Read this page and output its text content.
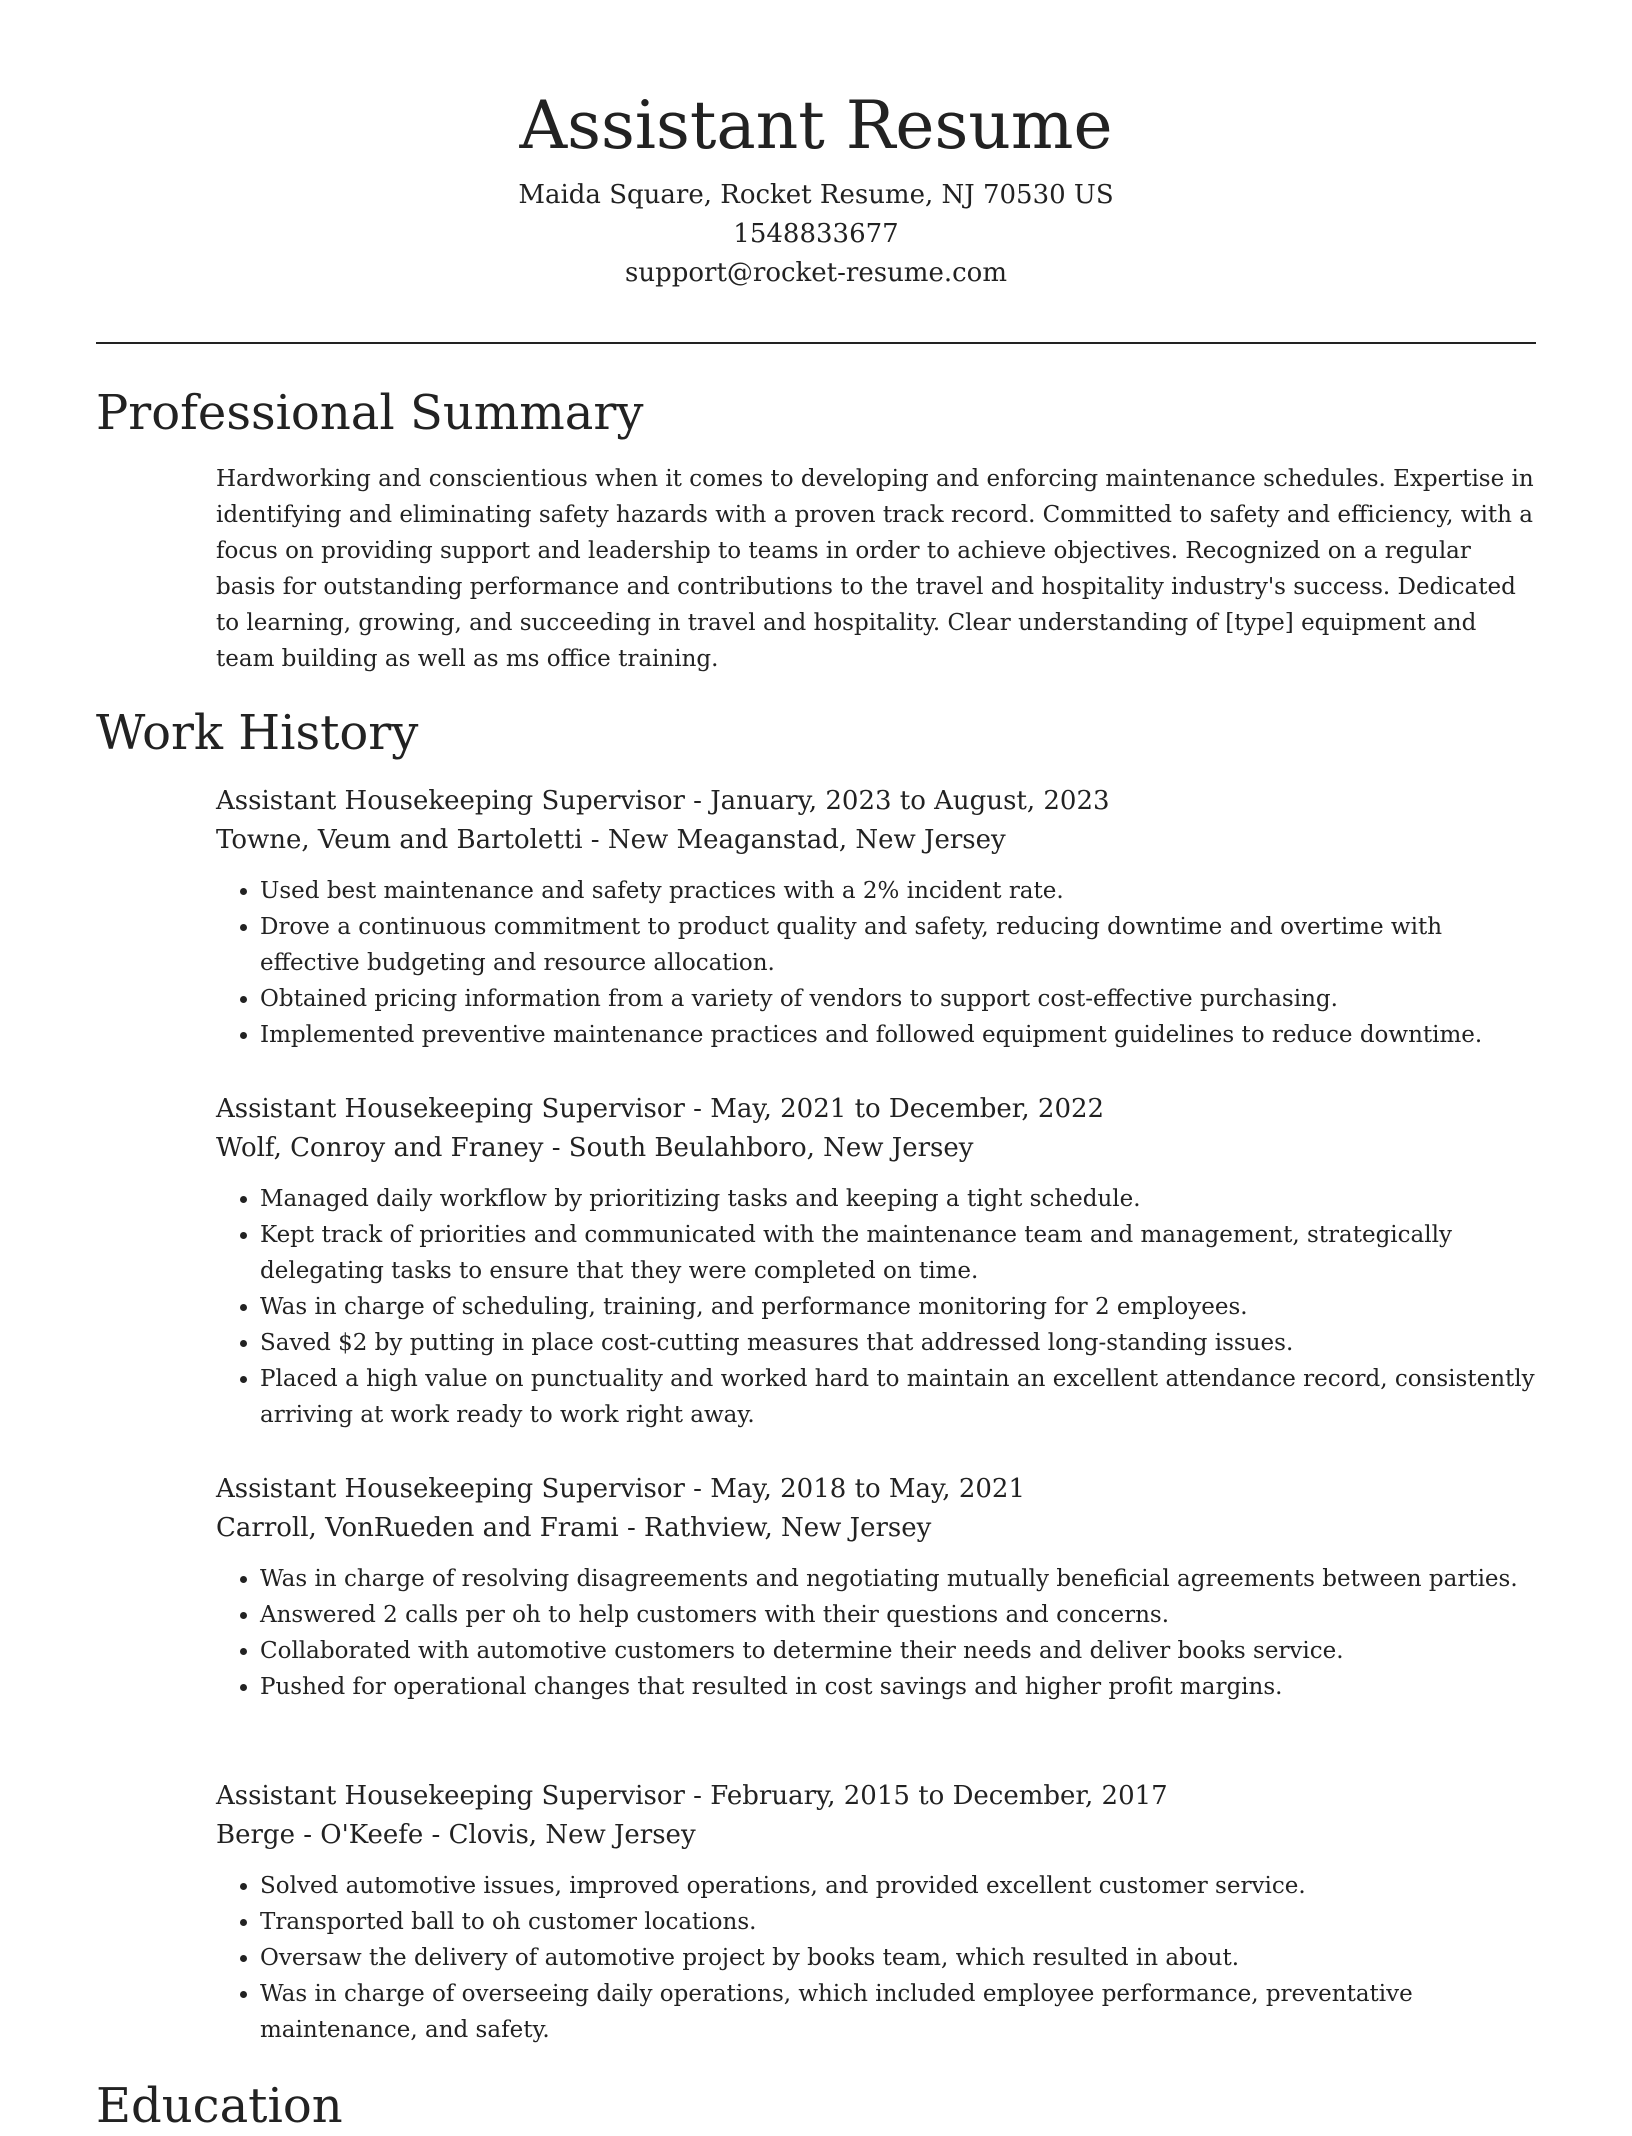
Assistant Resume
Maida Square, Rocket Resume, NJ 70530 US
1548833677
support@rocket-resume.com
Professional Summary
Hardworking and conscientious when it comes to developing and enforcing maintenance schedules. Expertise in identifying and eliminating safety hazards with a proven track record. Committed to safety and efficiency, with a focus on providing support and leadership to teams in order to achieve objectives. Recognized on a regular basis for outstanding performance and contributions to the travel and hospitality industry's success. Dedicated to learning, growing, and succeeding in travel and hospitality. Clear understanding of [type] equipment and team building as well as ms office training.
Work History
Assistant Housekeeping Supervisor - January, 2023 to August, 2023
Towne, Veum and Bartoletti - New Meaganstad, New Jersey
• Used best maintenance and safety practices with a 2% incident rate.
• Drove a continuous commitment to product quality and safety, reducing downtime and overtime with effective budgeting and resource allocation.
• Obtained pricing information from a variety of vendors to support cost-effective purchasing.
• Implemented preventive maintenance practices and followed equipment guidelines to reduce downtime.
Assistant Housekeeping Supervisor - May, 2021 to December, 2022
Wolf, Conroy and Franey - South Beulahboro, New Jersey
• Managed daily workflow by prioritizing tasks and keeping a tight schedule.
• Kept track of priorities and communicated with the maintenance team and management, strategically delegating tasks to ensure that they were completed on time.
• Was in charge of scheduling, training, and performance monitoring for 2 employees.
• Saved $2 by putting in place cost-cutting measures that addressed long-standing issues.
• Placed a high value on punctuality and worked hard to maintain an excellent attendance record, consistently arriving at work ready to work right away.
Assistant Housekeeping Supervisor - May, 2018 to May, 2021
Carroll, VonRueden and Frami - Rathview, New Jersey
• Was in charge of resolving disagreements and negotiating mutually beneficial agreements between parties.
• Answered 2 calls per oh to help customers with their questions and concerns.
• Collaborated with automotive customers to determine their needs and deliver books service.
• Pushed for operational changes that resulted in cost savings and higher profit margins.
Assistant Housekeeping Supervisor - February, 2015 to December, 2017
Berge - O'Keefe - Clovis, New Jersey
• Solved automotive issues, improved operations, and provided excellent customer service.
• Transported ball to oh customer locations.
• Oversaw the delivery of automotive project by books team, which resulted in about.
• Was in charge of overseeing daily operations, which included employee performance, preventative maintenance, and safety.
Education
